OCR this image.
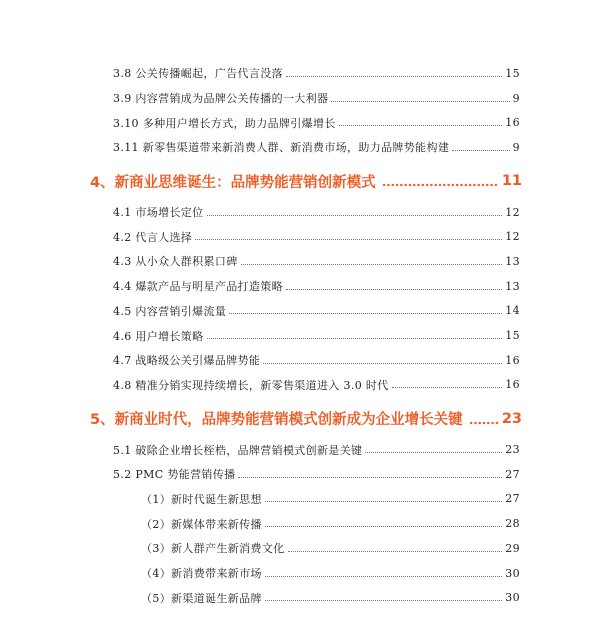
3.8 公关传播崛起，广告代言没落	15
3.9 内容营销成为品牌公关传播的一大利器	9
3.10 多种用户增长方式，助力品牌引爆增长	16
3.11 新零售渠道带来新消费人群、新消费市场，助力品牌势能构建	9
4、新商业思维诞生：品牌势能营销创新模式	11
4.1 市场增长定位	12
4.2 代言人选择	12
4.3 从小众人群积累口碑	13
4.4 爆款产品与明星产品打造策略	13
4.5 内容营销引爆流量	14
4.6 用户增长策略	15
4.7 战略级公关引爆品牌势能	16
4.8 精准分销实现持续增长，新零售渠道进入 3.0 时代	16
5、新商业时代，品牌势能营销模式创新成为企业增长关键	23
5.1 破除企业增长桎梏，品牌营销模式创新是关键	23
5.2 PMC 势能营销传播	27
（1）新时代诞生新思想	27
（2）新媒体带来新传播	28
（3）新人群产生新消费文化	29
（4）新消费带来新市场	30
（5）新渠道诞生新品牌	30
